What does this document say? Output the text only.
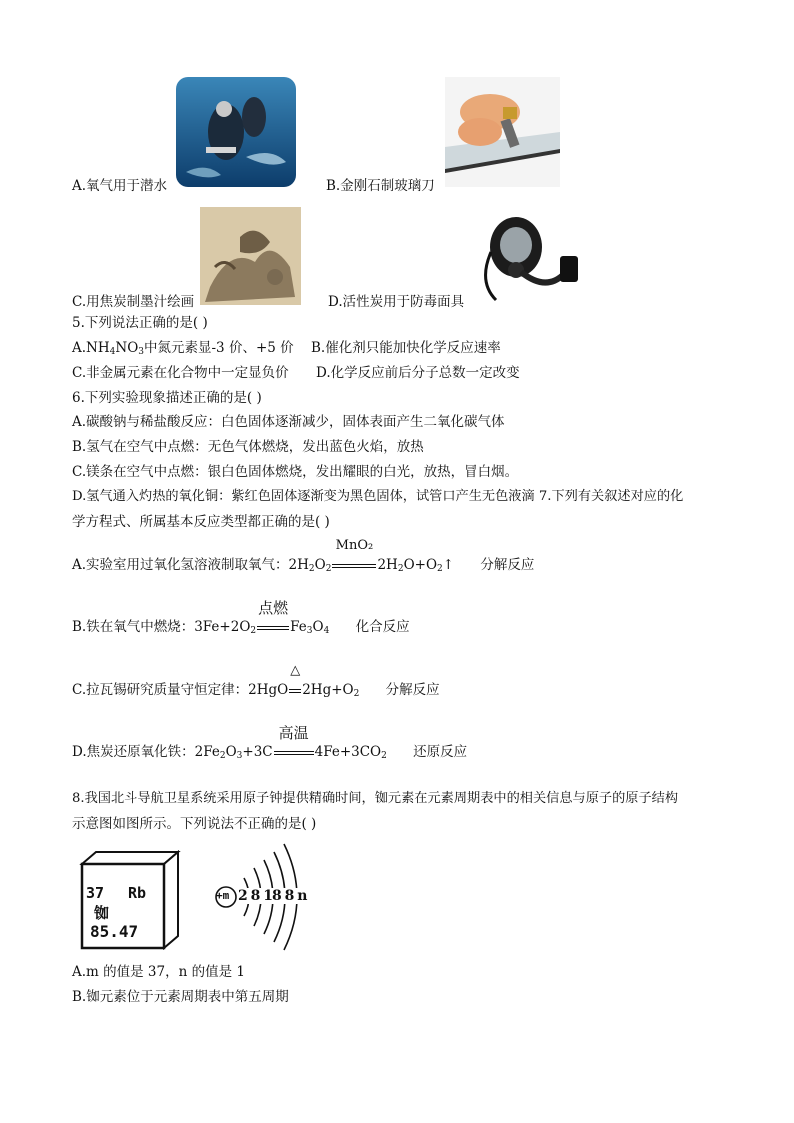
A.氧气用于潜水	B.金刚石制玻璃刀
C.用焦炭制墨汁绘画	D.活性炭用于防毒面具
5.下列说法正确的是( )
$A.NH_4NO_3$中氮元素显-3 价、+5 价 B.催化剂只能加快化学反应速率
C.非金属元素在化合物中一定显负价 D.化学反应前后分子总数一定改变
6.下列实验现象描述正确的是( )
A.碳酸钠与稀盐酸反应：白色固体逐渐减少，固体表面产生二氧化碳气体
B.氢气在空气中点燃：无色气体燃烧，发出蓝色火焰，放热
C.镁条在空气中点燃：银白色固体燃烧，发出耀眼的白光，放热，冒白烟。
D.氢气通入灼热的氧化铜：紫红色固体逐渐变为黑色固体，试管口产生无色液滴 7.下列有关叙述对应的化
学方程式、所属基本反应类型都正确的是( )
A.实验室用过氧化氢溶液制取氧气：$2H_2O_2$
MnO₂
$2H_2O+O_2↑$ 分解反应
B.铁在氧气中燃烧：$3Fe+2O_2$
点燃
$Fe_3O_4$ 化合反应
C.拉瓦锡研究质量守恒定律：2HgO
△
$2Hg+O_2$ 分解反应
D.焦炭还原氧化铁：$2Fe_2O_3+3C$
高温
$4Fe+3CO_2$ 还原反应
8.我国北斗导航卫星系统采用原子钟提供精确时间，铷元素在元素周期表中的相关信息与原子的原子结构
示意图如图所示。下列说法不正确的是( )
37 Rb
铷
85.47
+m 2 8 18 8 n
A.m 的值是 37，n 的值是 1
B.铷元素位于元素周期表中第五周期
